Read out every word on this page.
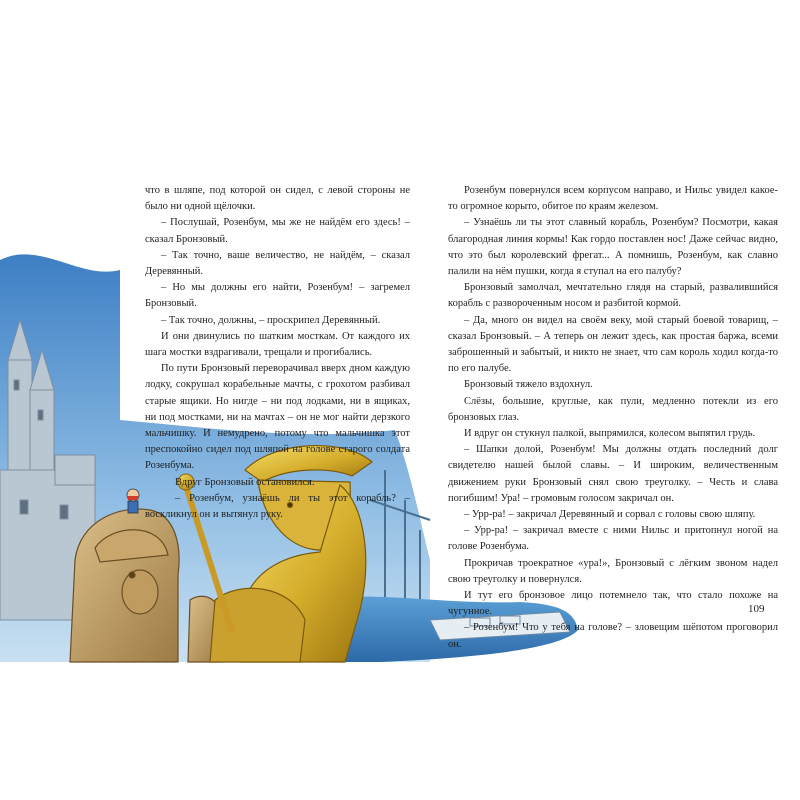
что в шляпе, под которой он сидел, с левой стороны не было ни одной щёлочки.

– Послушай, Розенбум, мы же не найдём его здесь! – сказал Бронзовый.

– Так точно, ваше величество, не найдём, – сказал Деревянный.

– Но мы должны его найти, Розенбум! – загремел Бронзовый.

– Так точно, должны, – проскрипел Деревянный.

И они двинулись по шатким мосткам. От каждого их шага мостки вздрагивали, трещали и прогибались.

По пути Бронзовый переворачивал вверх дном каждую лодку, сокрушал корабельные мачты, с грохотом разбивал старые ящики. Но нигде – ни под лодками, ни в ящиках, ни под мостками, ни на мачтах – он не мог найти дерзкого мальчишку. И немудрено, потому что мальчишка этот преспокойно сидел под шляпой на голове старого солдата Розенбума.

Вдруг Бронзовый остановился.

– Розенбум, узнаёшь ли ты этот корабль? – воскликнул он и вытянул руку.

Розенбум повернулся всем корпусом направо, и Нильс увидел какое-то огромное корыто, обитое по краям железом.

– Узнаёшь ли ты этот славный корабль, Розенбум? Посмотри, какая благородная линия кормы! Как гордо поставлен нос! Даже сейчас видно, что это был королевский фрегат... А помнишь, Розенбум, как славно палили на нём пушки, когда я ступал на его палубу?

Бронзовый замолчал, мечтательно глядя на старый, развалившийся корабль с развороченным носом и разбитой кормой.

– Да, много он видел на своём веку, мой старый боевой товарищ, – сказал Бронзовый. – А теперь он лежит здесь, как простая баржа, всеми заброшенный и забытый, и никто не знает, что сам король ходил когда-то по его палубе.

Бронзовый тяжело вздохнул.

Слёзы, большие, круглые, как пули, медленно потекли из его бронзовых глаз.

И вдруг он стукнул палкой, выпрямился, колесом выпятил грудь.

– Шапки долой, Розенбум! Мы должны отдать последний долг свидетелю нашей былой славы. – И широким, величественным движением руки Бронзовый снял свою треуголку. – Честь и слава погибшим! Ура! – громовым голосом закричал он.

– Урр-ра! – закричал Деревянный и сорвал с головы свою шляпу.

– Урр-ра! – закричал вместе с ними Нильс и притопнул ногой на голове Розенбума.

Прокричав троекратное «ура!», Бронзовый с лёгким звоном надел свою треуголку и повернулся.

И тут его бронзовое лицо потемнело так, что стало похоже на чугунное.

– Розенбум! Что у тебя на голове? – зловещим шёпотом проговорил он.

109
